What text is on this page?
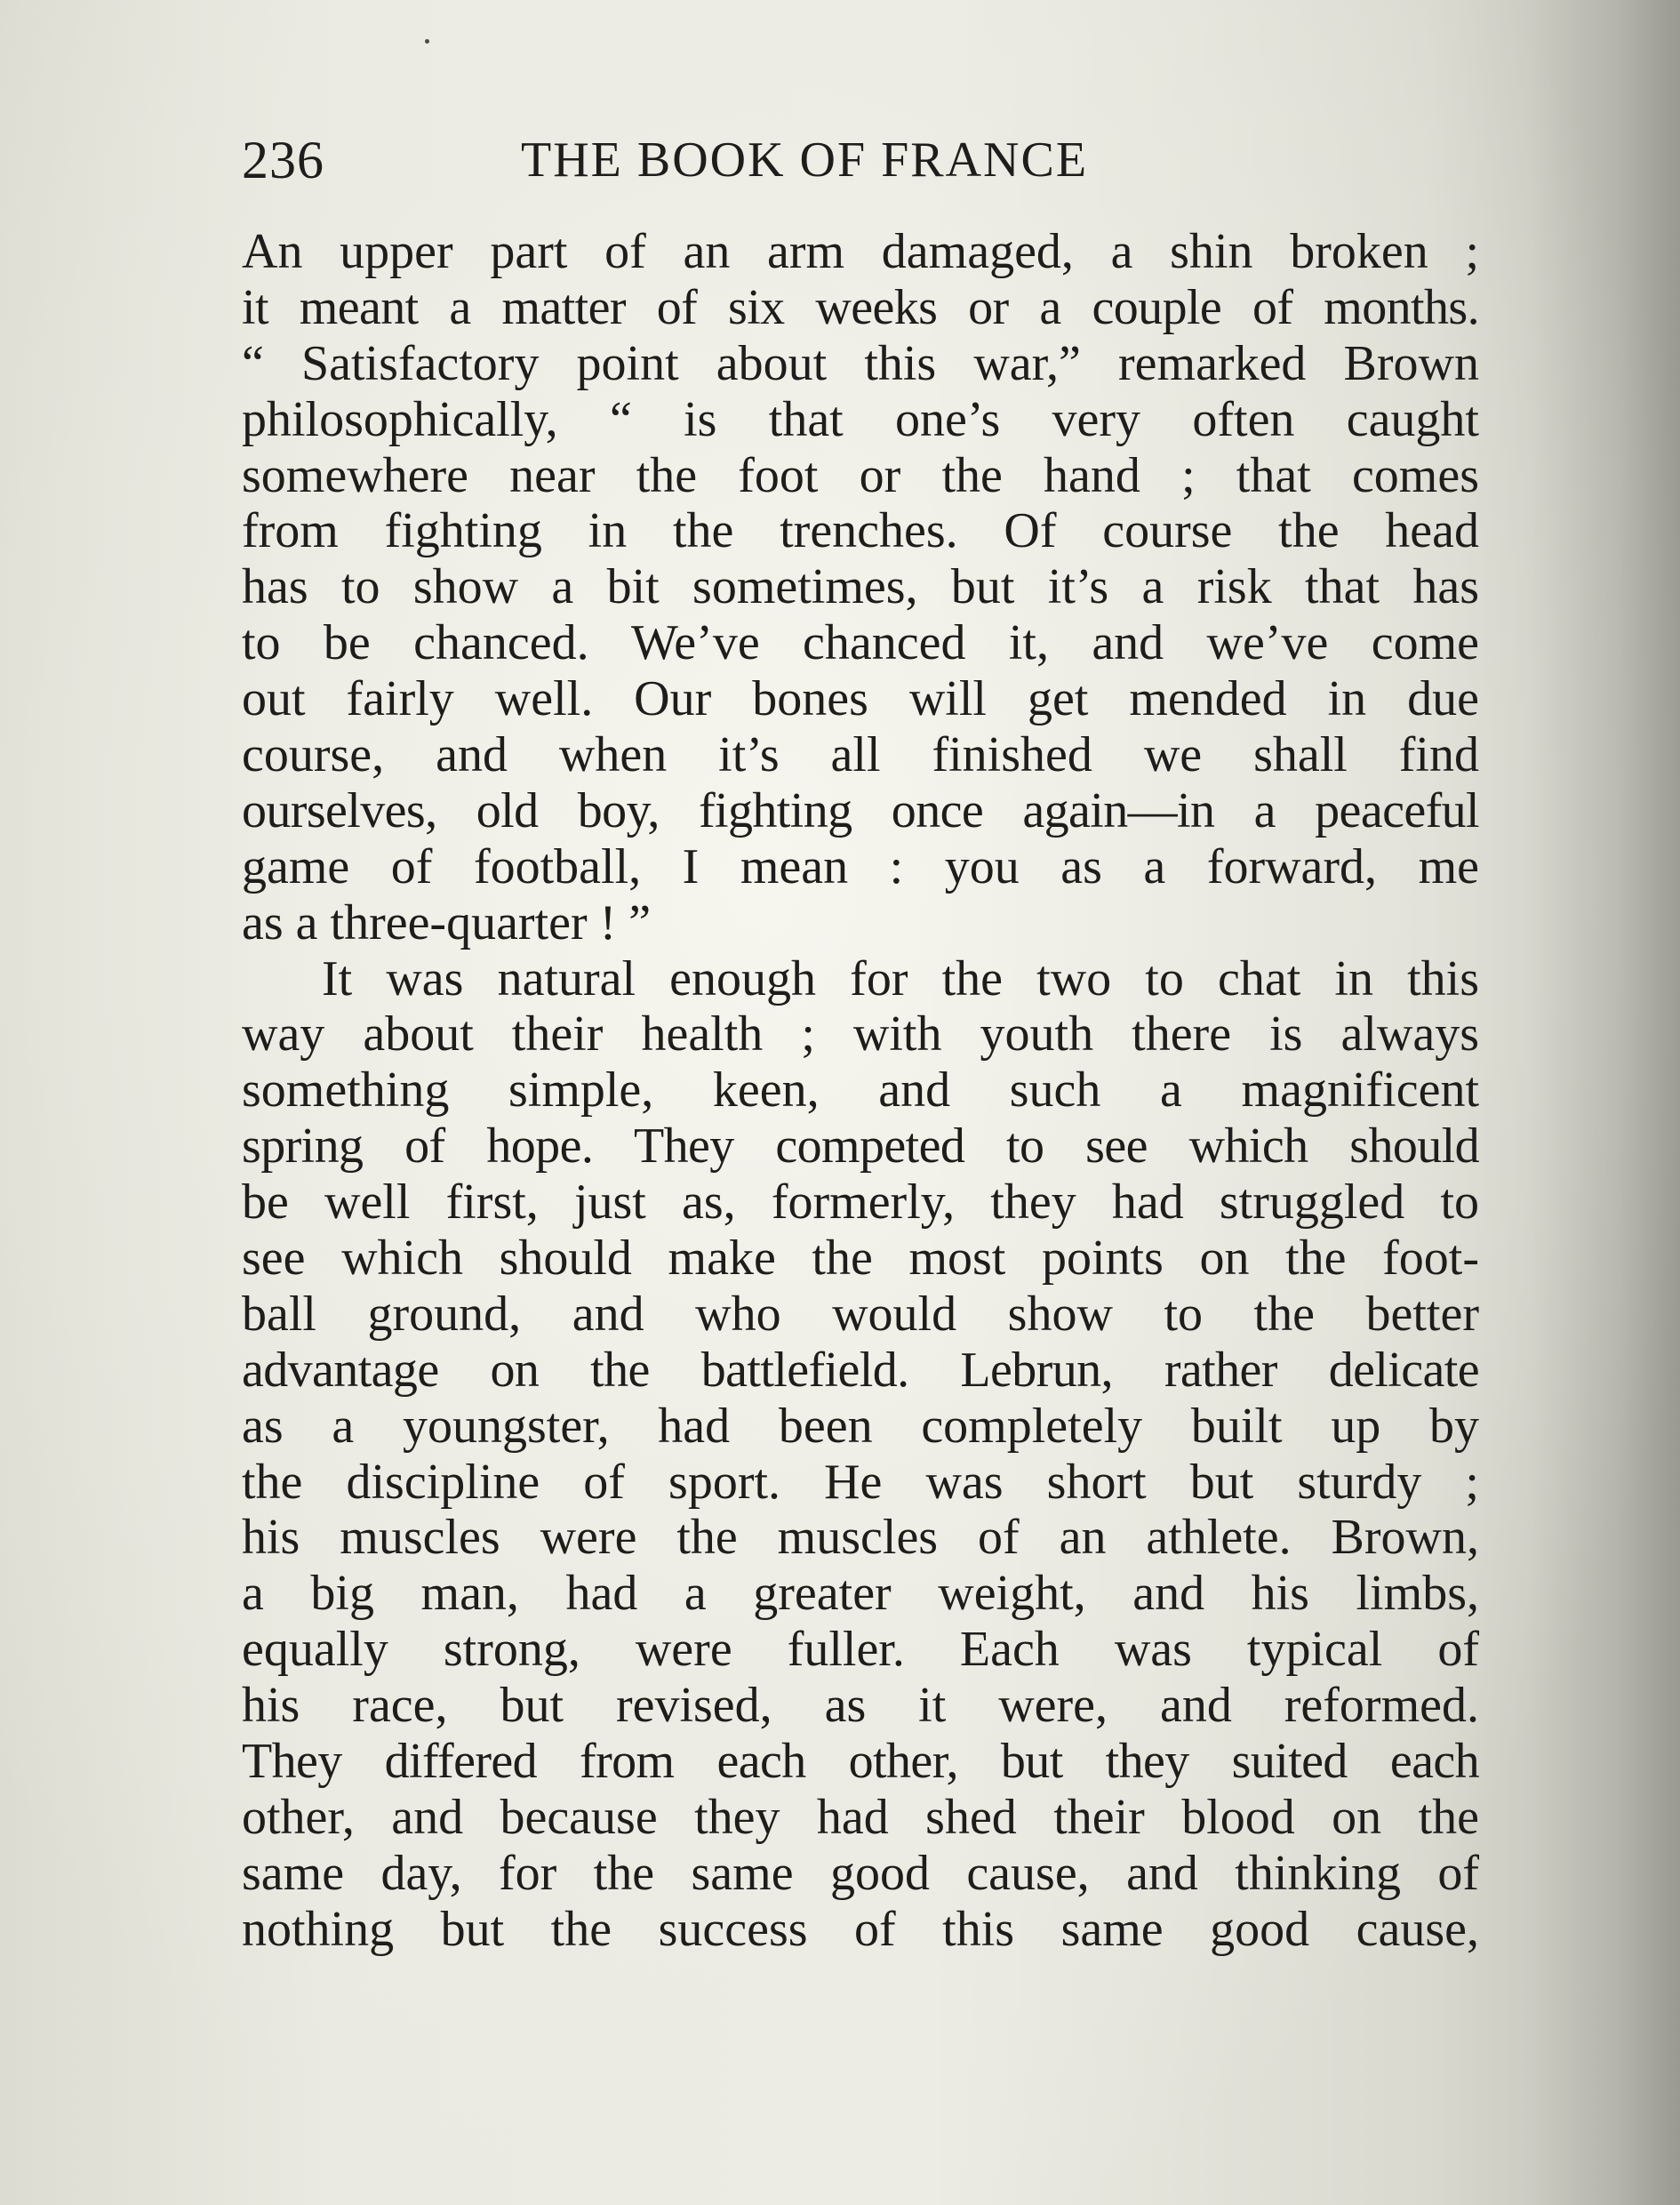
236	THE BOOK OF FRANCE
An upper part of an arm damaged, a shin broken ;
it meant a matter of six weeks or a couple of months.
“ Satisfactory point about this war,” remarked Brown
philosophically, “ is that one’s very often caught
somewhere near the foot or the hand ; that comes
from fighting in the trenches. Of course the head
has to show a bit sometimes, but it’s a risk that has
to be chanced. We’ve chanced it, and we’ve come
out fairly well. Our bones will get mended in due
course, and when it’s all finished we shall find
ourselves, old boy, fighting once again—in a peaceful
game of football, I mean : you as a forward, me
as a three-quarter ! ”
It was natural enough for the two to chat in this
way about their health ; with youth there is always
something simple, keen, and such a magnificent
spring of hope. They competed to see which should
be well first, just as, formerly, they had struggled to
see which should make the most points on the foot-
ball ground, and who would show to the better
advantage on the battlefield. Lebrun, rather delicate
as a youngster, had been completely built up by
the discipline of sport. He was short but sturdy ;
his muscles were the muscles of an athlete. Brown,
a big man, had a greater weight, and his limbs,
equally strong, were fuller. Each was typical of
his race, but revised, as it were, and reformed.
They differed from each other, but they suited each
other, and because they had shed their blood on the
same day, for the same good cause, and thinking of
nothing but the success of this same good cause,
